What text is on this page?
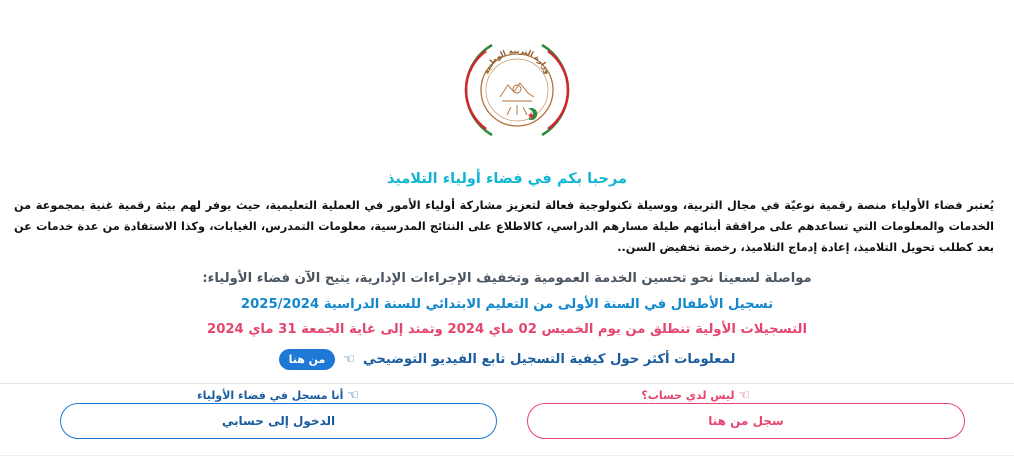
وزارة التربية الوطنية
مرحبا بكم في فضاء أولياء التلاميذ

يُعتبر فضاء الأولياء منصة رقمية نوعيّة في مجال التربية، ووسيلة تكنولوجية فعالة لتعزيز مشاركة أولياء الأمور في العملية التعليمية، حيث يوفر لهم بيئة رقمية غنية بمجموعة من الخدمات والمعلومات التي تساعدهم على مرافقة أبنائهم طيلة مسارهم الدراسي، كالاطلاع على النتائج المدرسية، معلومات التمدرس، الغيابات، وكذا الاستفادة من عدة خدمات عن بعد كطلب تحويل التلاميذ، إعادة إدماج التلاميذ، رخصة تخفيض السن..

مواصلة لسعينا نحو تحسين الخدمة العمومية وتخفيف الإجراءات الإدارية، يتيح الآن فضاء الأولياء:
تسجيل الأطفال في السنة الأولى من التعليم الابتدائي للسنة الدراسية 2025/2024
التسجيلات الأولية تنطلق من يوم الخميس 02 ماي 2024 وتمتد إلى غاية الجمعة 31 ماي 2024
لمعلومات أكثر حول كيفية التسجيل تابع الفيديو التوضيحي
☜
من هنا
☜ ليس لدي حساب؟
سجل من هنا
☜ أنا مسجل في فضاء الأولياء
الدخول إلى حسابي
